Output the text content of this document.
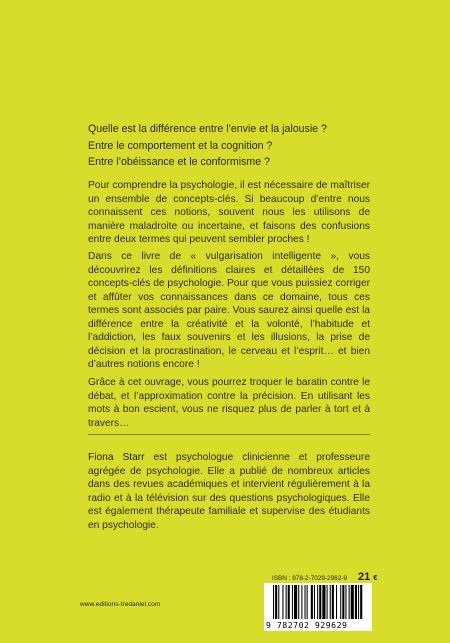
Quelle est la différence entre l’envie et la jalousie ?
Entre le comportement et la cognition ?
Entre l’obéissance et le conformisme ?

Pour comprendre la psychologie, il est nécessaire de maîtriser un ensemble de concepts-clés. Si beaucoup d’entre nous connaissent ces notions, souvent nous les utilisons de manière maladroite ou incertaine, et faisons des confusions entre deux termes qui peuvent sembler proches !

Dans ce livre de « vulgarisation intelligente », vous découvrirez les définitions claires et détaillées de 150 concepts-clés de psychologie. Pour que vous puissiez corriger et affûter vos connaissances dans ce domaine, tous ces termes sont associés par paire. Vous saurez ainsi quelle est la différence entre la créativité et la volonté, l’habitude et l’addiction, les faux souvenirs et les illusions, la prise de décision et la procrastination, le cerveau et l’esprit… et bien d’autres notions encore !

Grâce à cet ouvrage, vous pourrez troquer le baratin contre le débat, et l’approximation contre la précision. En utilisant les mots à bon escient, vous ne risquez plus de parler à tort et à travers…

Fiona Starr est psychologue clinicienne et professeure agrégée de psychologie. Elle a publié de nombreux articles dans des revues académiques et intervient régulièrement à la radio et à la télévision sur des questions psychologiques. Elle est également thérapeute familiale et supervise des étudiants en psychologie.

ISBN : 978-2-7029-2962-9	21 €
9 782702 929629
www.editions-tredaniel.com
